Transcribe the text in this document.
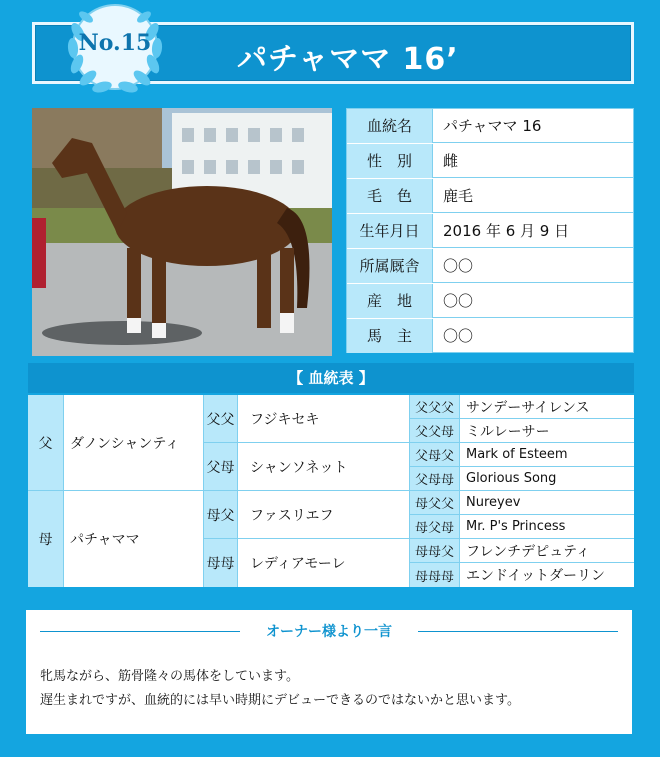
パチャママ 16’
No.15
血統名	パチャママ 16
性　別	雌
毛　色	鹿毛
生年月日	2016 年 6 月 9 日
所属厩舎	〇〇
産　地	〇〇
馬　主	〇〇
【 血統表 】
父	ダノンシャンティ
母	パチャママ
父父	フジキセキ
父母	シャンソネット
母父	ファスリエフ
母母	レディアモーレ
父父父 サンデーサイレンス
父父母 ミルレーサー
父母父 Mark of Esteem
父母母 Glorious Song
母父父 Nureyev
母父母 Mr. P's Princess
母母父 フレンチデピュティ
母母母 エンドイットダーリン
オーナー様より一言
牝馬ながら、筋骨隆々の馬体をしています。
遅生まれですが、血統的には早い時期にデビューできるのではないかと思います。
